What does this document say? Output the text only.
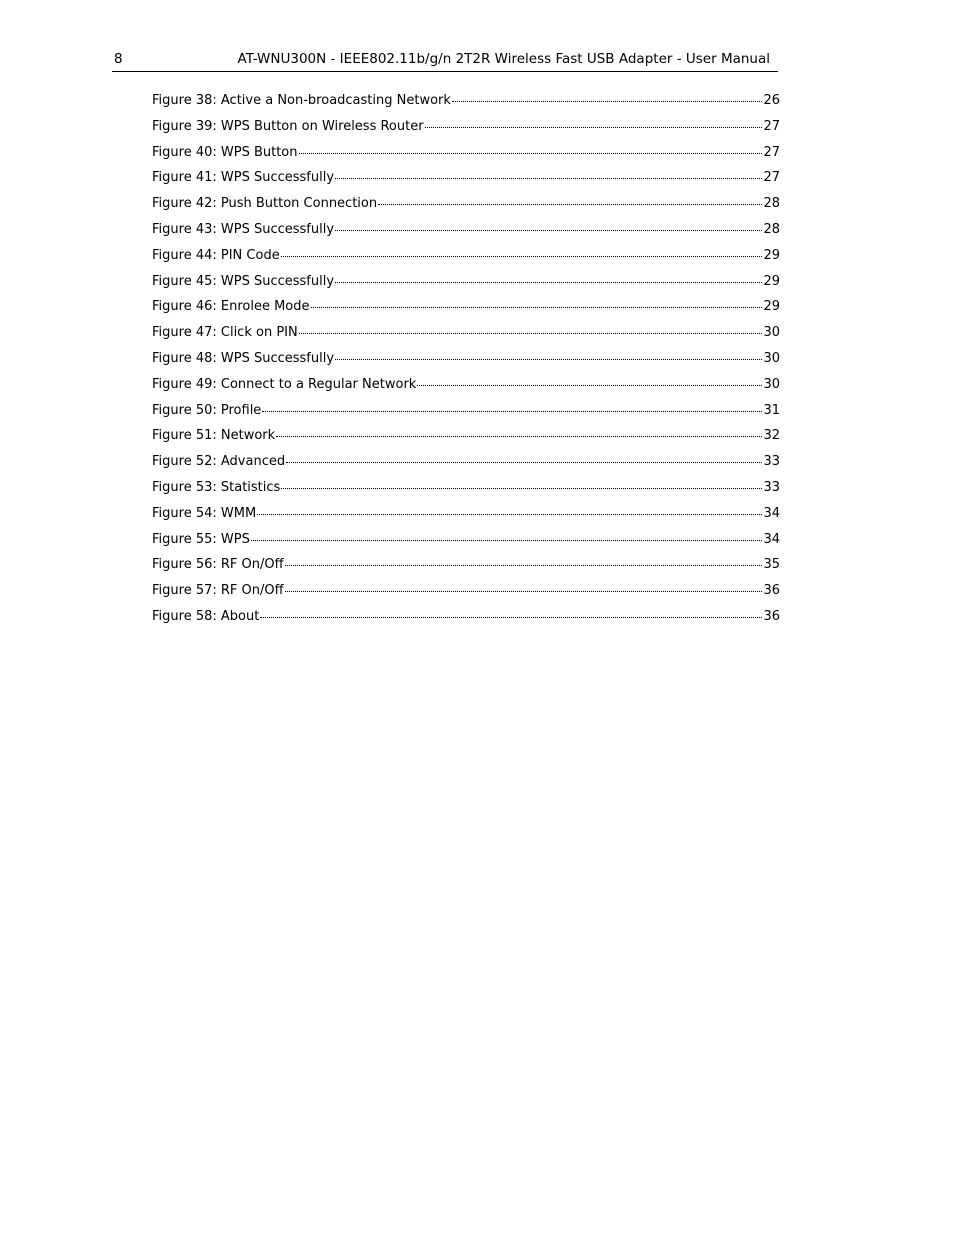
8	AT-WNU300N - IEEE802.11b/g/n 2T2R Wireless Fast USB Adapter - User Manual
Figure 38: Active a Non-broadcasting Network	26
Figure 39: WPS Button on Wireless Router	27
Figure 40: WPS Button	27
Figure 41: WPS Successfully	27
Figure 42: Push Button Connection	28
Figure 43: WPS Successfully	28
Figure 44: PIN Code	29
Figure 45: WPS Successfully	29
Figure 46: Enrolee Mode	29
Figure 47: Click on PIN	30
Figure 48: WPS Successfully	30
Figure 49: Connect to a Regular Network	30
Figure 50: Profile	31
Figure 51: Network	32
Figure 52: Advanced	33
Figure 53: Statistics	33
Figure 54: WMM	34
Figure 55: WPS	34
Figure 56: RF On/Off	35
Figure 57: RF On/Off	36
Figure 58: About	36
